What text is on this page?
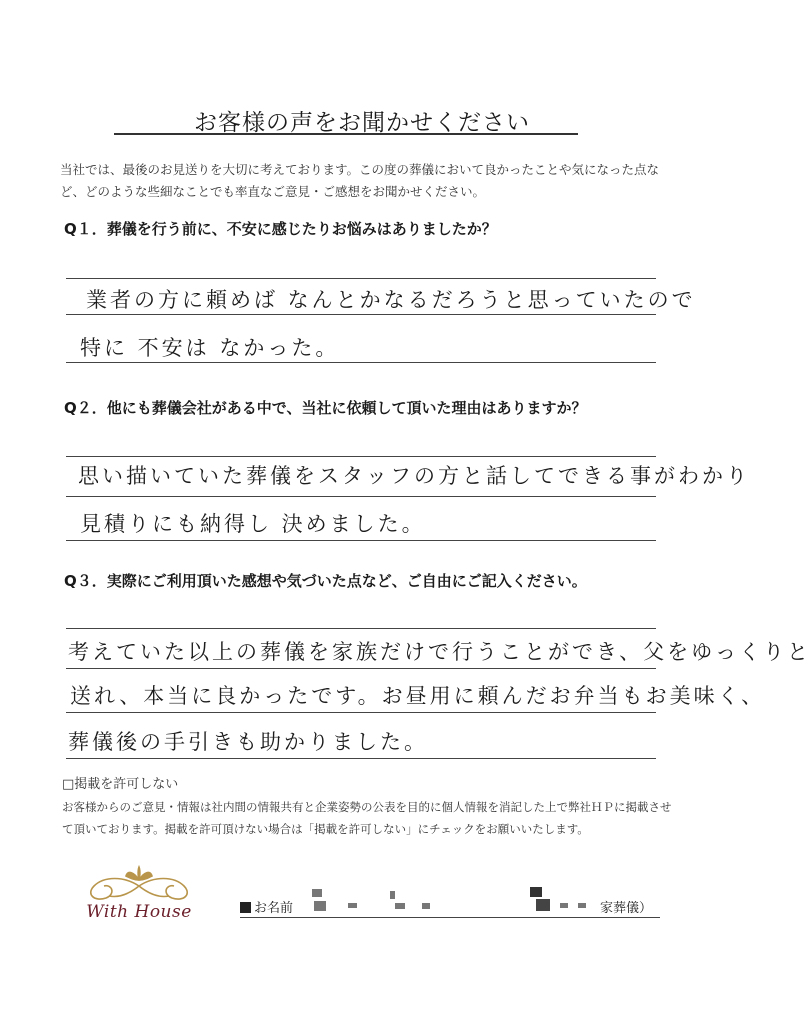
お客様の声をお聞かせください
当社では、最後のお見送りを大切に考えております。この度の葬儀において良かったことや気になった点など、どのような些細なことでも率直なご意見・ご感想をお聞かせください。
Q１．葬儀を行う前に、不安に感じたりお悩みはありましたか？
業者の方に頼めば なんとかなるだろうと思っていたので
特に 不安は なかった。
Q２．他にも葬儀会社がある中で、当社に依頼して頂いた理由はありますか？
思い描いていた葬儀をスタッフの方と話してできる事がわかり
見積りにも納得し 決めました。
Q３．実際にご利用頂いた感想や気づいた点など、ご自由にご記入ください。
考えていた以上の葬儀を家族だけで行うことができ、父をゆっくりと
送れ、本当に良かったです。お昼用に頼んだお弁当もお美味く、
葬儀後の手引きも助かりました。
□掲載を許可しない
お客様からのご意見・情報は社内間の情報共有と企業姿勢の公表を目的に個人情報を消記した上で弊社ＨＰに掲載させて頂いております。掲載を許可頂けない場合は「掲載を許可しない」にチェックをお願いいたします。
With House	お名前	家葬儀）
